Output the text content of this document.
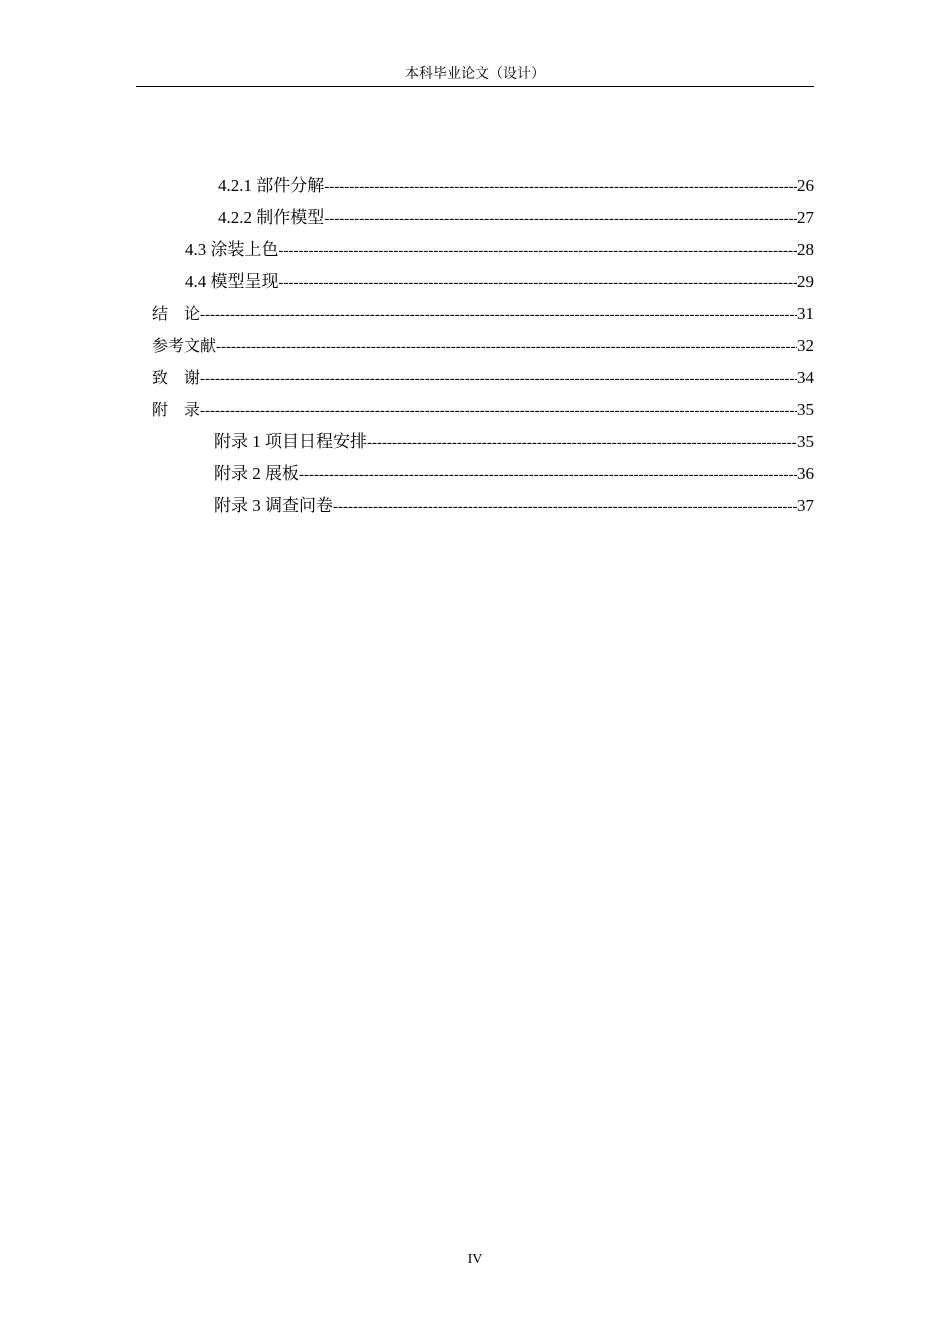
本科毕业论文（设计）
4.2.1 部件分解 -----	26
4.2.2 制作模型 -----	27
4.3 涂装上色 -----	28
4.4 模型呈现 -----	29
结　论 -----	31
参考文献 -----	32
致　谢 -----	34
附　录 -----	35
附录 1 项目日程安排 -----	35
附录 2 展板 -----	36
附录 3 调查问卷 -----	37
IV
